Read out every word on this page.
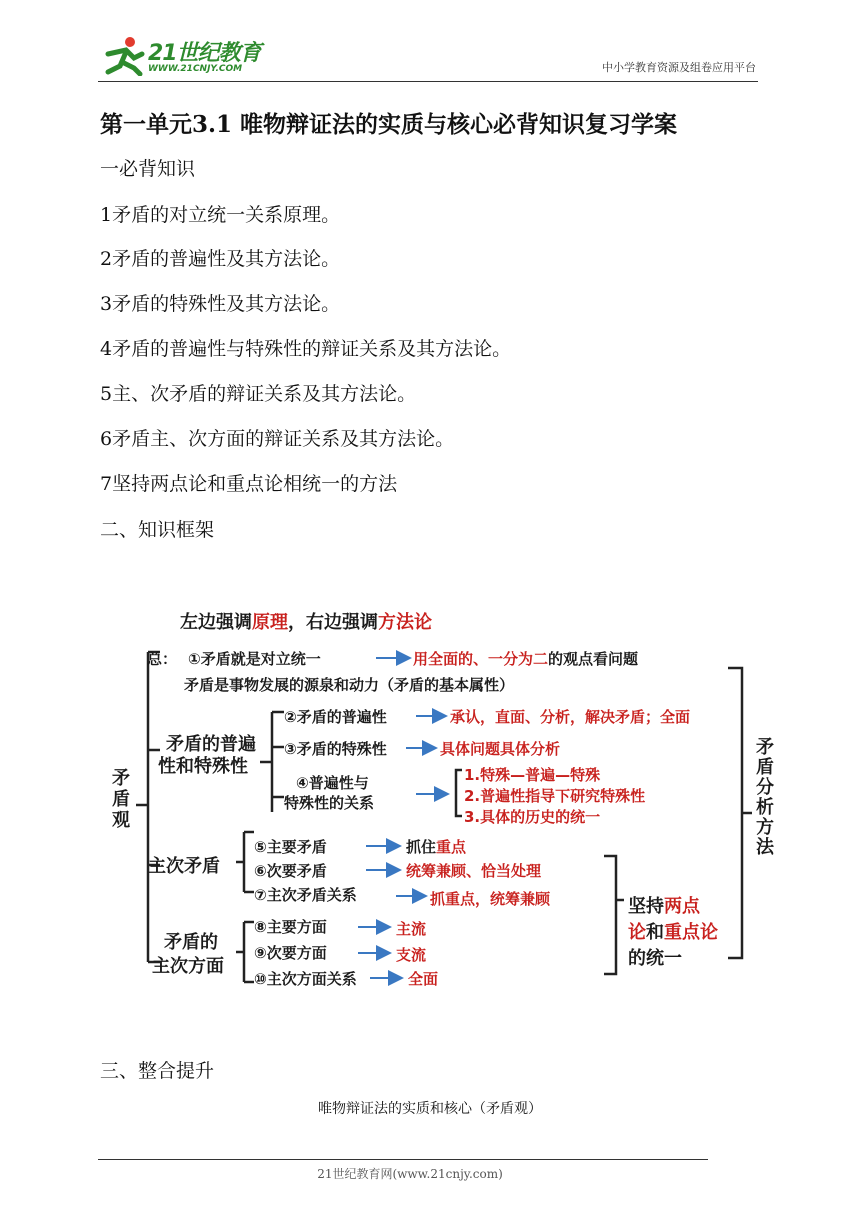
21世纪教育
WWW.21CNJY.COM	中小学教育资源及组卷应用平台
第一单元3.1 唯物辩证法的实质与核心必背知识复习学案
一必背知识
1矛盾的对立统一关系原理。
2矛盾的普遍性及其方法论。
3矛盾的特殊性及其方法论。
4矛盾的普遍性与特殊性的辩证关系及其方法论。
5主、次矛盾的辩证关系及其方法论。
6矛盾主、次方面的辩证关系及其方法论。
7坚持两点论和重点论相统一的方法
二、知识框架
左边强调原理，右边强调方法论
矛盾观
总： ①矛盾就是对立统一	用全面的、一分为二的观点看问题
矛盾是事物发展的源泉和动力（矛盾的基本属性）
矛盾的普遍
性和特殊性
②矛盾的普遍性	承认，直面、分析，解决矛盾；全面
③矛盾的特殊性	具体问题具体分析
④普遍性与
特殊性的关系
1.特殊—普遍—特殊
2.普遍性指导下研究特殊性
3.具体的历史的统一
主次矛盾
⑤主要矛盾	抓住重点
⑥次要矛盾	统筹兼顾、恰当处理
⑦主次矛盾关系	抓重点，统筹兼顾
矛盾的
主次方面
⑧主要方面	主流
⑨次要方面	支流
⑩主次方面关系	全面
矛
盾
分
析
方
法
坚持两点
论和重点论
的统一
三、整合提升
唯物辩证法的实质和核心（矛盾观）
21世纪教育网(www.21cnjy.com)
